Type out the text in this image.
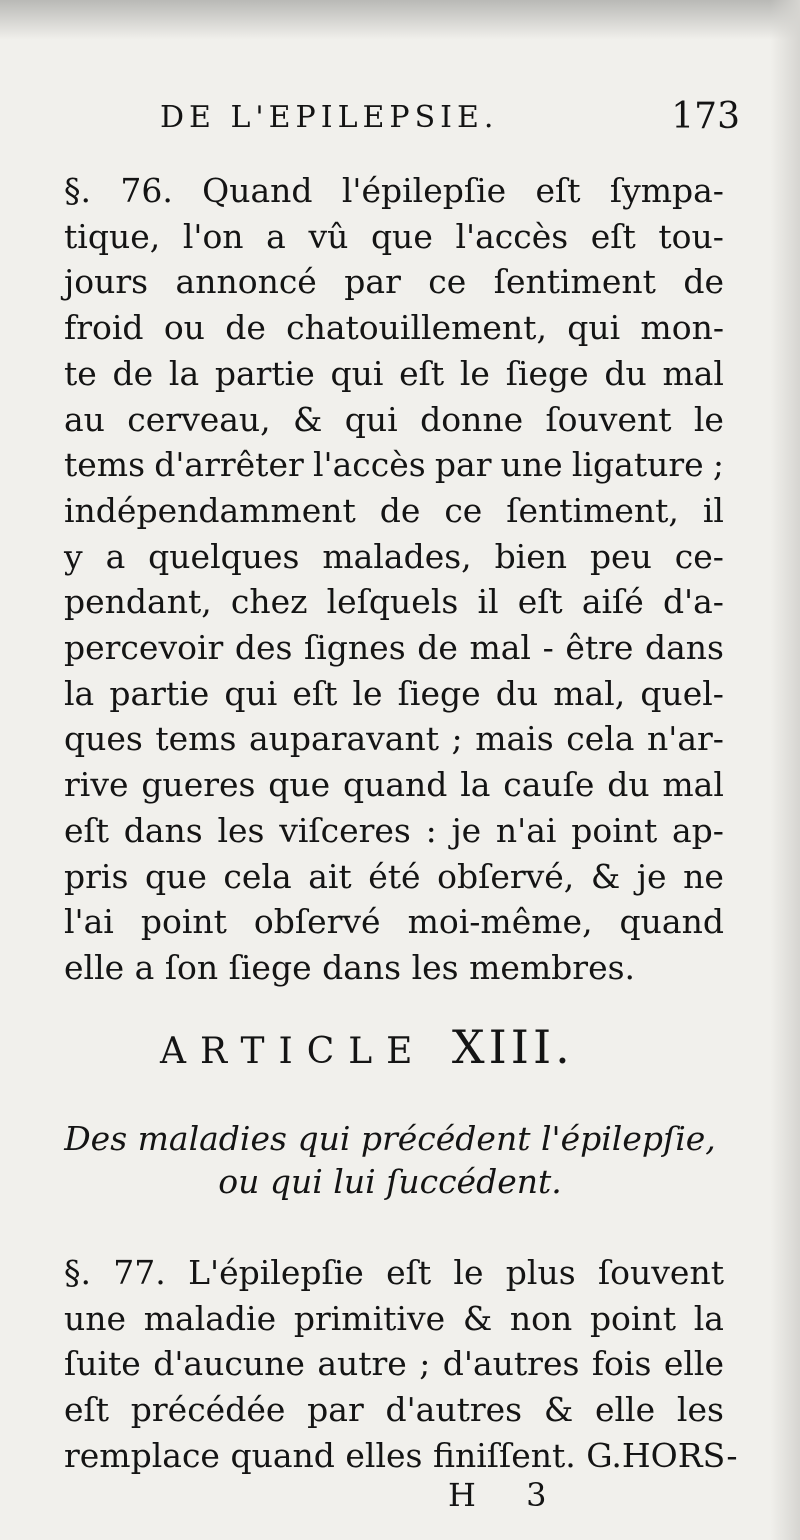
DE L'EPILEPSIE.	173
§. 76. Quand l'épilepſie eſt ſympa-
tique, l'on a vû que l'accès eſt tou-
jours annoncé par ce ſentiment de
froid ou de chatouillement, qui mon-
te de la partie qui eſt le ſiege du mal
au cerveau, & qui donne ſouvent le
tems d'arrêter l'accès par une ligature ;
indépendamment de ce ſentiment, il
y a quelques malades, bien peu ce-
pendant, chez leſquels il eſt aiſé d'a-
percevoir des ſignes de mal - être dans
la partie qui eſt le ſiege du mal, quel-
ques tems auparavant ; mais cela n'ar-
rive gueres que quand la cauſe du mal
eſt dans les viſceres : je n'ai point ap-
pris que cela ait été obſervé, & je ne
l'ai point obſervé moi-même, quand
elle a ſon ſiege dans les membres.
ARTICLE XIII.
Des maladies qui précédent l'épilepſie,
ou qui lui ſuccédent.
§. 77. L'épilepſie eſt le plus ſouvent
une maladie primitive & non point la
ſuite d'aucune autre ; d'autres fois elle
eſt précédée par d'autres & elle les
remplace quand elles finiſſent. G.HORS-
H 3
